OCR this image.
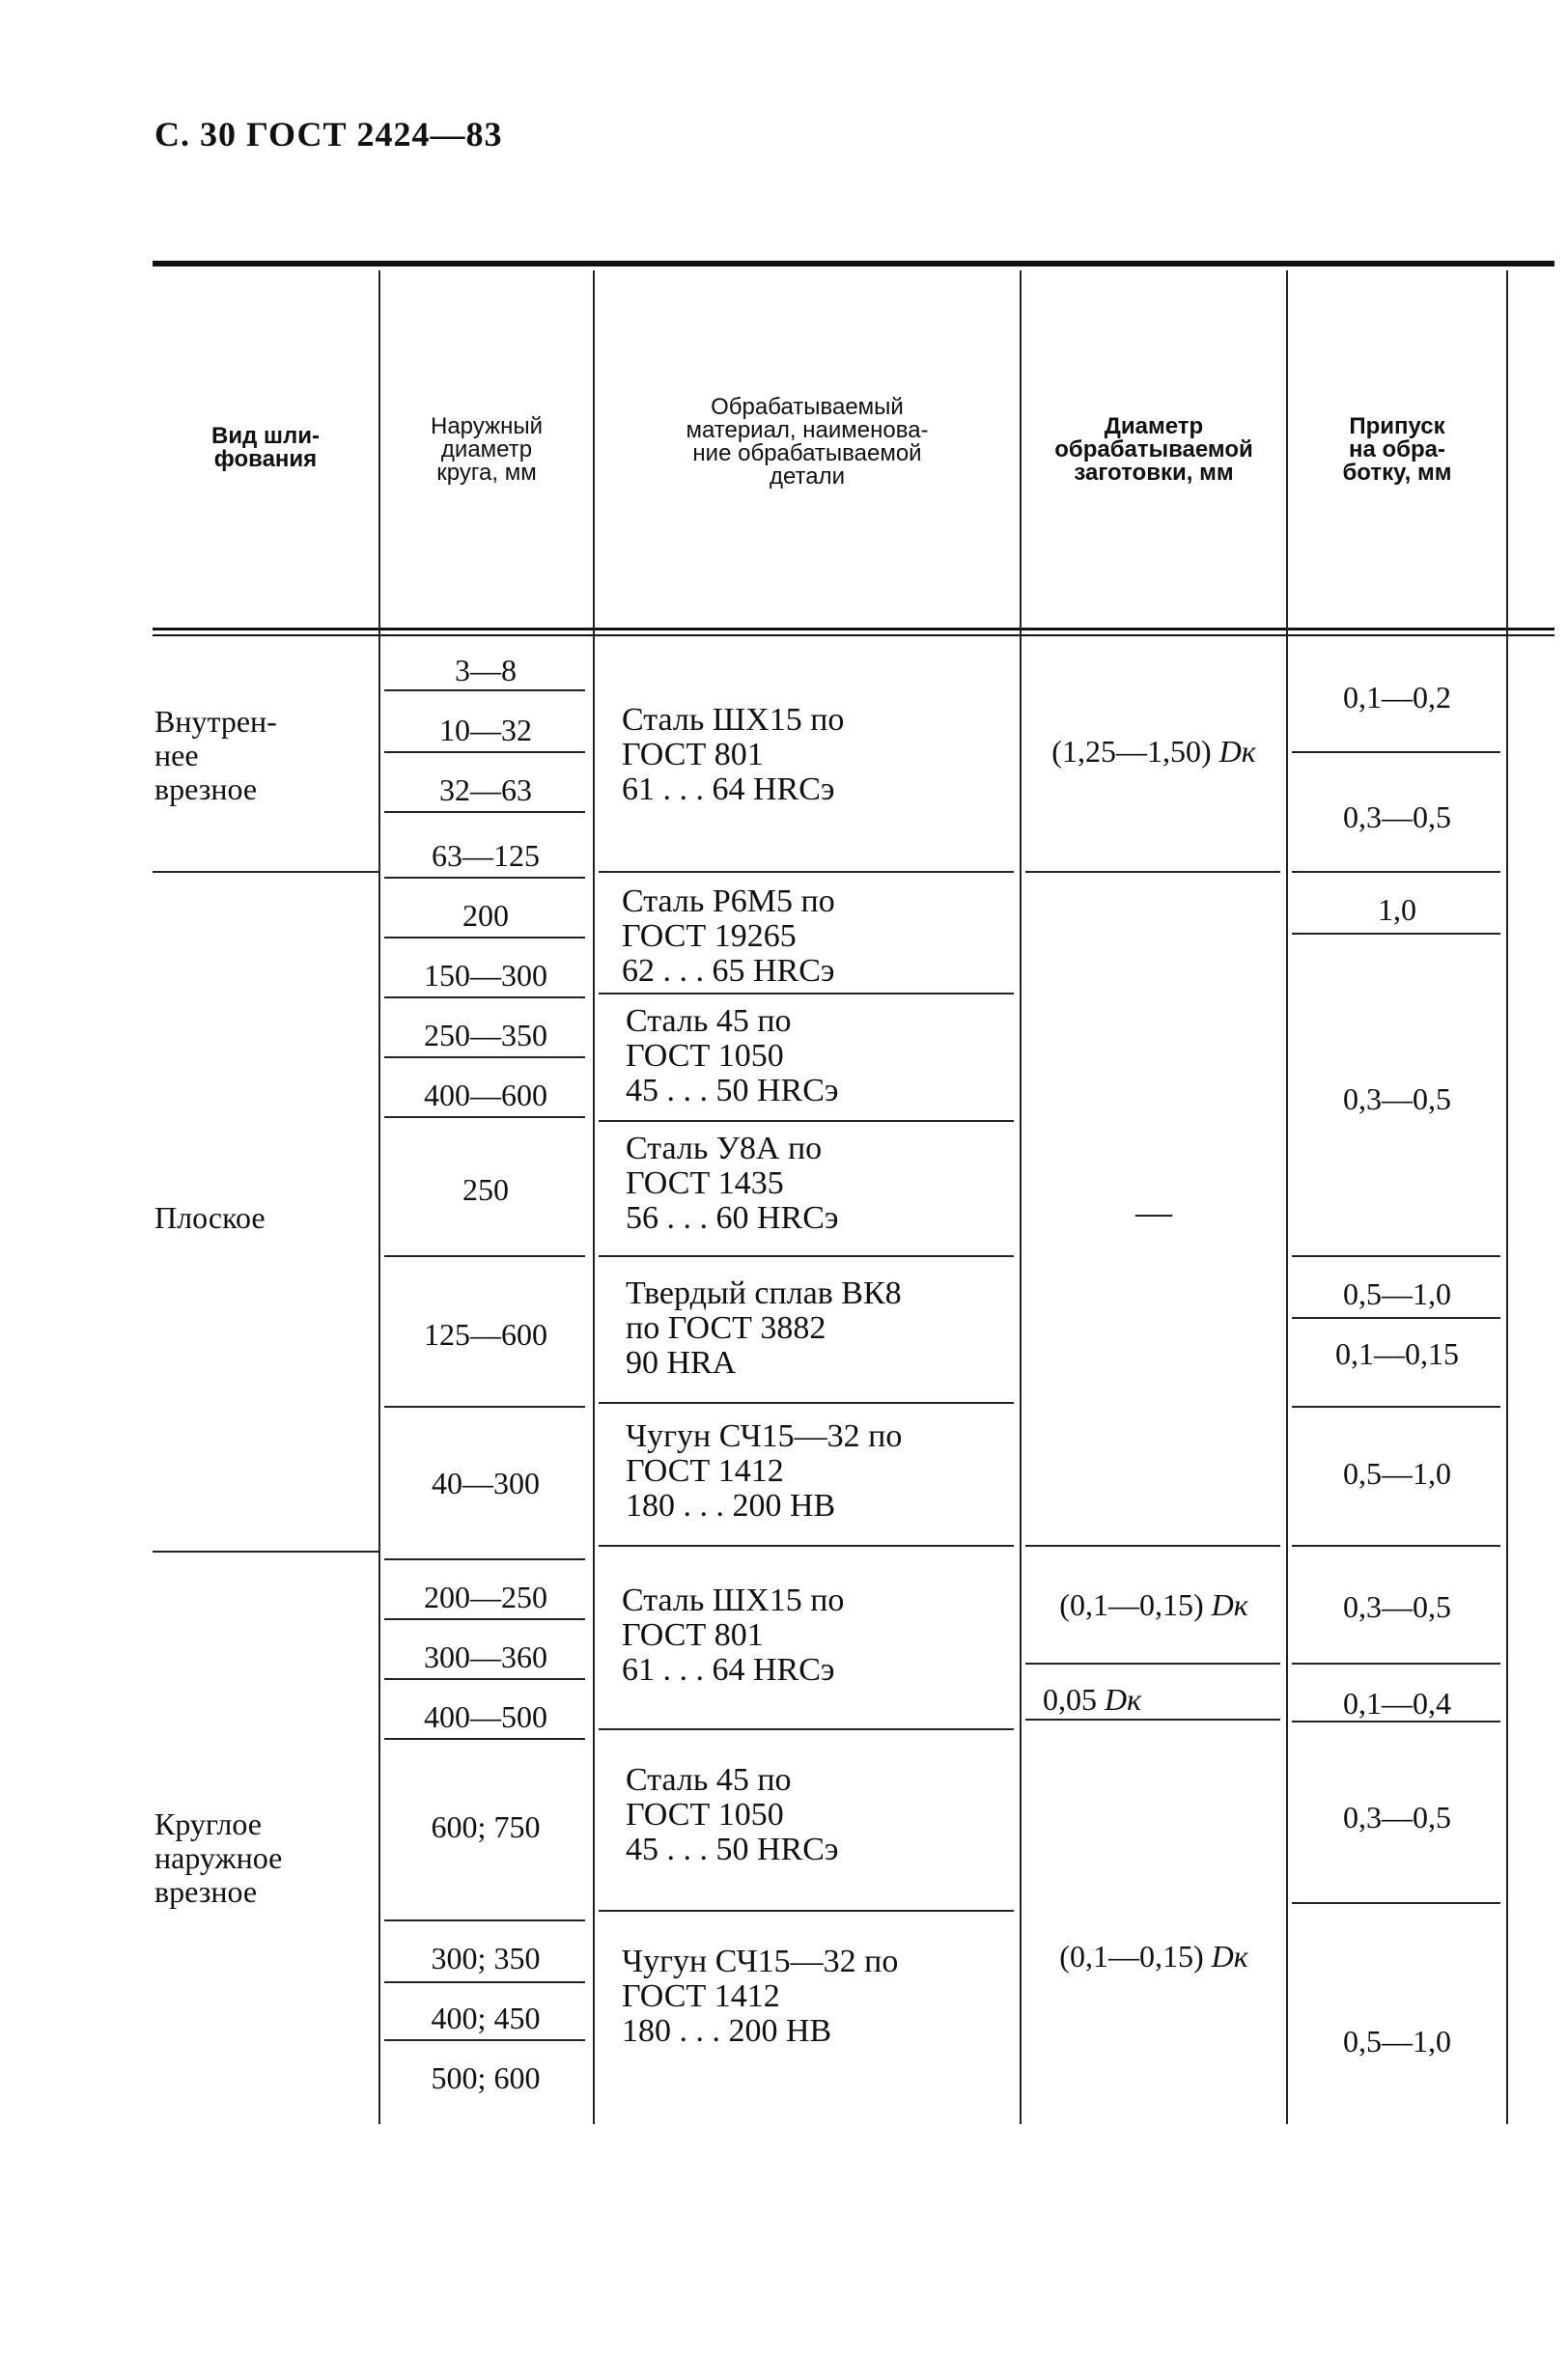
С. 30 ГОСТ 2424—83
Вид шли-
фования
Наружный
диаметр
круга, мм
Обрабатываемый
материал, наименова-
ние обрабатываемой
детали
Диаметр
обрабатываемой
заготовки, мм
Припуск
на обра-
ботку, мм
Внутрен-
нее
врезное
Плоское
Круглое
наружное
врезное
3—8
10—32
32—63
63—125
200
150—300
250—350
400—600
250
125—600
40—300
200—250
300—360
400—500
600; 750
300; 350
400; 450
500; 600
Сталь ШХ15 по
ГОСТ 801
61 . . . 64 HRCэ
Сталь Р6М5 по
ГОСТ 19265
62 . . . 65 HRCэ
Сталь 45 по
ГОСТ 1050
45 . . . 50 HRCэ
Сталь У8А по
ГОСТ 1435
56 . . . 60 HRCэ
Твердый сплав ВК8
по ГОСТ 3882
90 HRA
Чугун СЧ15—32 по
ГОСТ 1412
180 . . . 200 НВ
Сталь ШХ15 по
ГОСТ 801
61 . . . 64 HRCэ
Сталь 45 по
ГОСТ 1050
45 . . . 50 HRCэ
Чугун СЧ15—32 по
ГОСТ 1412
180 . . . 200 НВ
(1,25—1,50) Dк
—
(0,1—0,15) Dк
0,05 Dк
(0,1—0,15) Dк
0,1—0,2
0,3—0,5
1,0
0,3—0,5
0,5—1,0
0,1—0,15
0,5—1,0
0,3—0,5
0,1—0,4
0,3—0,5
0,5—1,0
